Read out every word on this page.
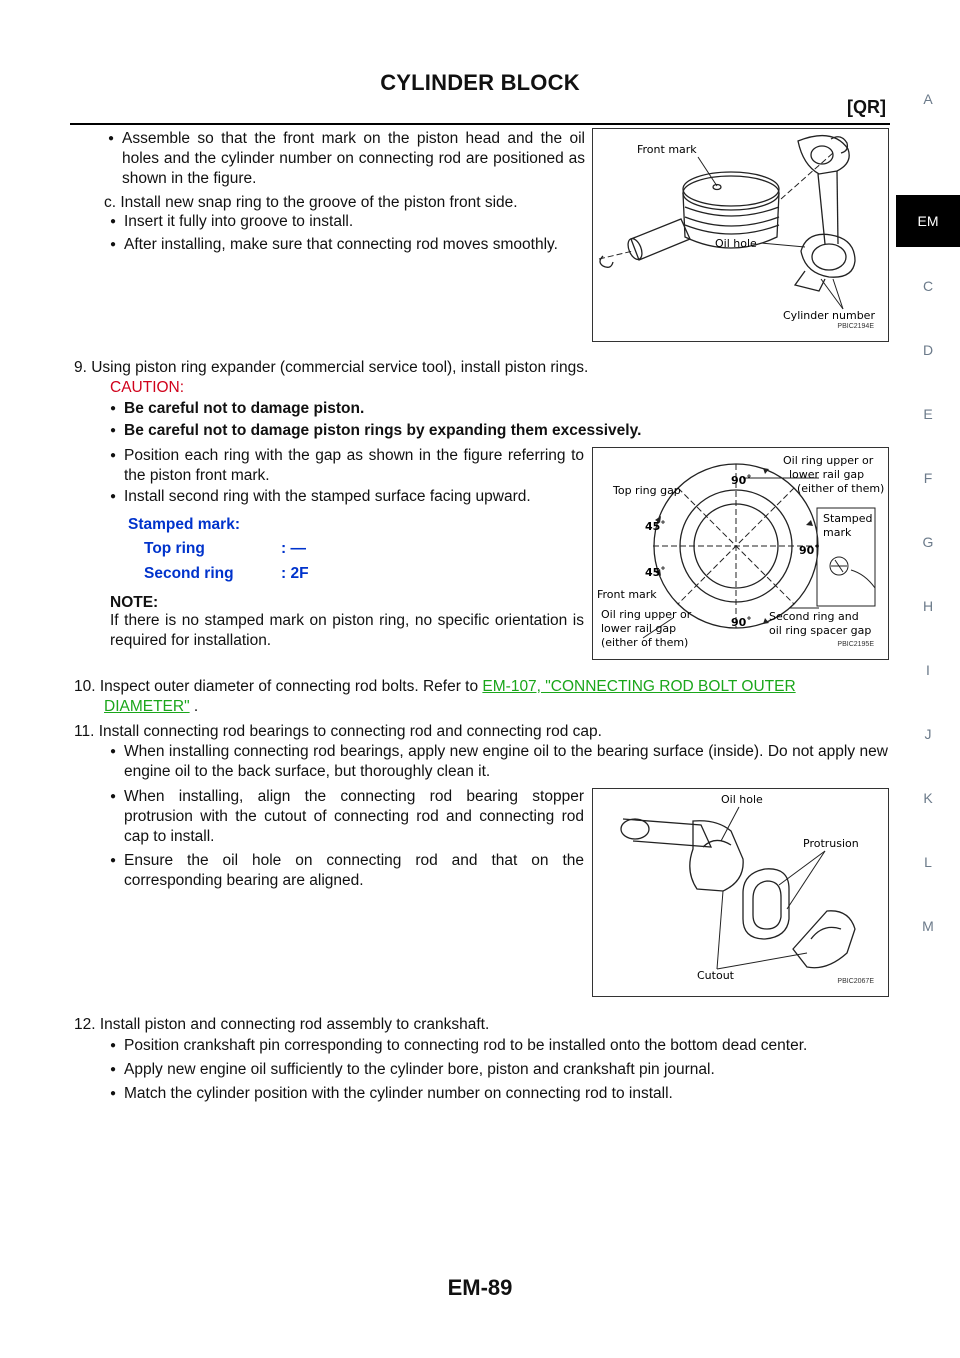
CYLINDER BLOCK
[QR]	A
EM
C
D
E
F
G
H
I
J
K
L
M
● Assemble so that the front mark on the piston head and the oil holes and the cylinder number on connecting rod are positioned as shown in the figure.
c. Install new snap ring to the groove of the piston front side.
● Insert it fully into groove to install.
● After installing, make sure that connecting rod moves smoothly.
Front mark
Oil hole
Cylinder number
PBIC2194E
9. Using piston ring expander (commercial service tool), install piston rings.
CAUTION:
● Be careful not to damage piston.
● Be careful not to damage piston rings by expanding them excessively.
● Position each ring with the gap as shown in the figure referring to the piston front mark.
● Install second ring with the stamped surface facing upward.
Stamped mark:
Top ring	: —
Second ring	: 2F
NOTE:
If there is no stamped mark on piston ring, no specific orientation is required for installation.
Top ring gap
Oil ring upper or
lower rail gap
(either of them)
Stamped
mark
Front mark
Oil ring upper or
lower rail gap
(either of them)
Second ring and
oil ring spacer gap
90˚
90˚
90˚
45˚
45˚
PBIC2195E
10. Inspect outer diameter of connecting rod bolts. Refer to EM-107, "CONNECTING ROD BOLT OUTER
DIAMETER" .
11. Install connecting rod bearings to connecting rod and connecting rod cap.
● When installing connecting rod bearings, apply new engine oil to the bearing surface (inside). Do not apply new engine oil to the back surface, but thoroughly clean it.
● When installing, align the connecting rod bearing stopper protrusion with the cutout of connecting rod and connecting rod cap to install.
● Ensure the oil hole on connecting rod and that on the corresponding bearing are aligned.
Oil hole
Protrusion
Cutout	PBIC2067E
12. Install piston and connecting rod assembly to crankshaft.
● Position crankshaft pin corresponding to connecting rod to be installed onto the bottom dead center.
● Apply new engine oil sufficiently to the cylinder bore, piston and crankshaft pin journal.
● Match the cylinder position with the cylinder number on connecting rod to install.
EM-89
